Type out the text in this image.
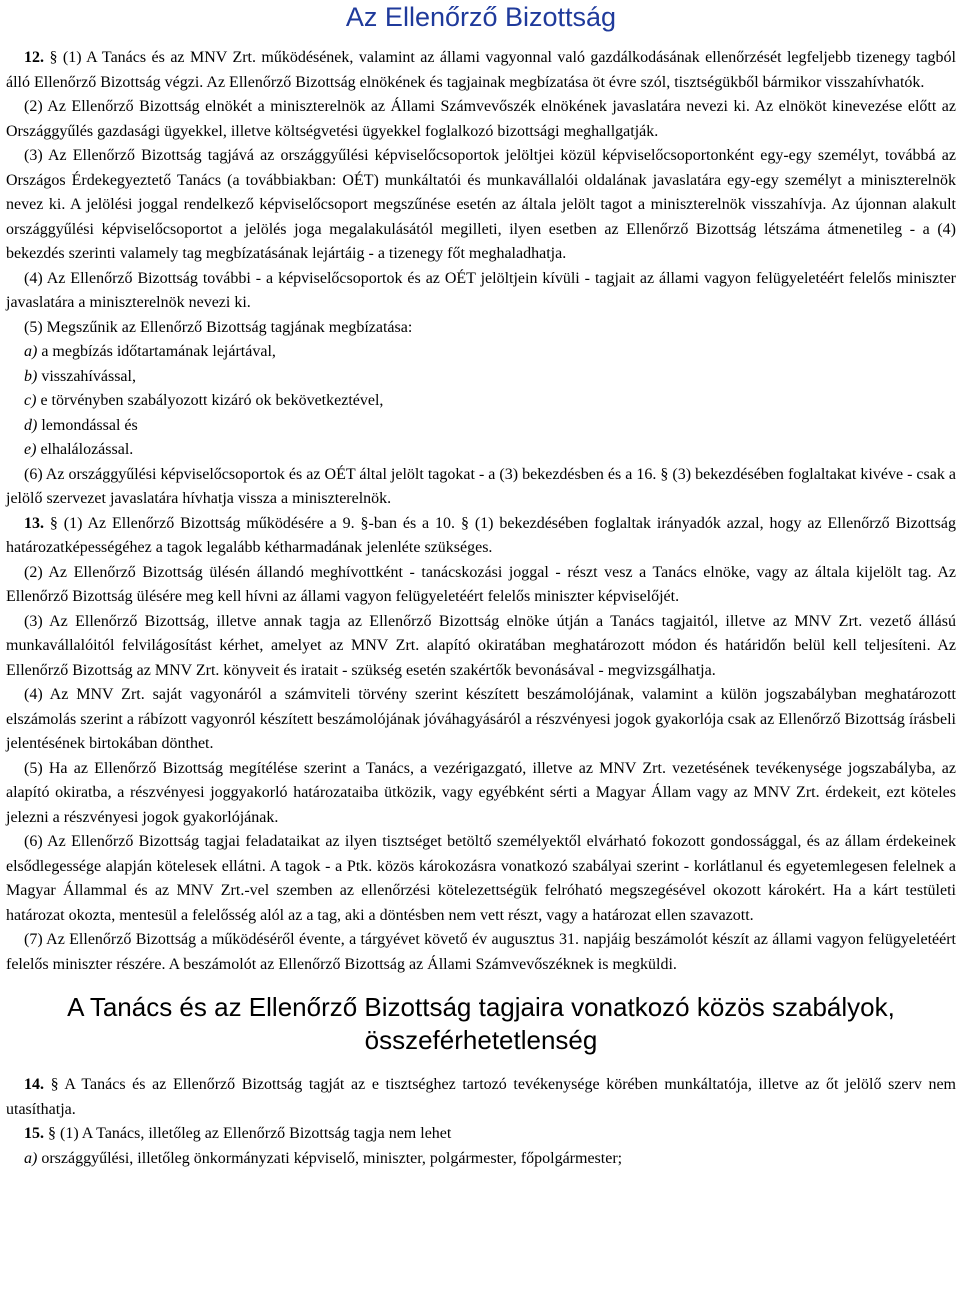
Az Ellenőrző Bizottság

12. § (1) A Tanács és az MNV Zrt. működésének, valamint az állami vagyonnal való gazdálkodásának ellenőrzését legfeljebb tizenegy tagból álló Ellenőrző Bizottság végzi. Az Ellenőrző Bizottság elnökének és tagjainak megbízatása öt évre szól, tisztségükből bármikor visszahívhatók.

(2) Az Ellenőrző Bizottság elnökét a miniszterelnök az Állami Számvevőszék elnökének javaslatára nevezi ki. Az elnököt kinevezése előtt az Országgyűlés gazdasági ügyekkel, illetve költségvetési ügyekkel foglalkozó bizottsági meghallgatják.

(3) Az Ellenőrző Bizottság tagjává az országgyűlési képviselőcsoportok jelöltjei közül képviselőcsoportonként egy-egy személyt, továbbá az Országos Érdekegyeztető Tanács (a továbbiakban: OÉT) munkáltatói és munkavállalói oldalának javaslatára egy-egy személyt a miniszterelnök nevez ki. A jelölési joggal rendelkező képviselőcsoport megszűnése esetén az általa jelölt tagot a miniszterelnök visszahívja. Az újonnan alakult országgyűlési képviselőcsoportot a jelölés joga megalakulásától megilleti, ilyen esetben az Ellenőrző Bizottság létszáma átmenetileg - a (4) bekezdés szerinti valamely tag megbízatásának lejártáig - a tizenegy főt meghaladhatja.

(4) Az Ellenőrző Bizottság további - a képviselőcsoportok és az OÉT jelöltjein kívüli - tagjait az állami vagyon felügyeletéért felelős miniszter javaslatára a miniszterelnök nevezi ki.

(5) Megszűnik az Ellenőrző Bizottság tagjának megbízatása:

a) a megbízás időtartamának lejártával,

b) visszahívással,

c) e törvényben szabályozott kizáró ok bekövetkeztével,

d) lemondással és

e) elhalálozással.

(6) Az országgyűlési képviselőcsoportok és az OÉT által jelölt tagokat - a (3) bekezdésben és a 16. § (3) bekezdésében foglaltakat kivéve - csak a jelölő szervezet javaslatára hívhatja vissza a miniszterelnök.

13. § (1) Az Ellenőrző Bizottság működésére a 9. §-ban és a 10. § (1) bekezdésében foglaltak irányadók azzal, hogy az Ellenőrző Bizottság határozatképességéhez a tagok legalább kétharmadának jelenléte szükséges.

(2) Az Ellenőrző Bizottság ülésén állandó meghívottként - tanácskozási joggal - részt vesz a Tanács elnöke, vagy az általa kijelölt tag. Az Ellenőrző Bizottság ülésére meg kell hívni az állami vagyon felügyeletéért felelős miniszter képviselőjét.

(3) Az Ellenőrző Bizottság, illetve annak tagja az Ellenőrző Bizottság elnöke útján a Tanács tagjaitól, illetve az MNV Zrt. vezető állású munkavállalóitól felvilágosítást kérhet, amelyet az MNV Zrt. alapító okiratában meghatározott módon és határidőn belül kell teljesíteni. Az Ellenőrző Bizottság az MNV Zrt. könyveit és iratait - szükség esetén szakértők bevonásával - megvizsgálhatja.

(4) Az MNV Zrt. saját vagyonáról a számviteli törvény szerint készített beszámolójának, valamint a külön jogszabályban meghatározott elszámolás szerint a rábízott vagyonról készített beszámolójának jóváhagyásáról a részvényesi jogok gyakorlója csak az Ellenőrző Bizottság írásbeli jelentésének birtokában dönthet.

(5) Ha az Ellenőrző Bizottság megítélése szerint a Tanács, a vezérigazgató, illetve az MNV Zrt. vezetésének tevékenysége jogszabályba, az alapító okiratba, a részvényesi joggyakorló határozataiba ütközik, vagy egyébként sérti a Magyar Állam vagy az MNV Zrt. érdekeit, ezt köteles jelezni a részvényesi jogok gyakorlójának.

(6) Az Ellenőrző Bizottság tagjai feladataikat az ilyen tisztséget betöltő személyektől elvárható fokozott gondossággal, és az állam érdekeinek elsődlegessége alapján kötelesek ellátni. A tagok - a Ptk. közös károkozásra vonatkozó szabályai szerint - korlátlanul és egyetemlegesen felelnek a Magyar Állammal és az MNV Zrt.-vel szemben az ellenőrzési kötelezettségük felróható megszegésével okozott károkért. Ha a kárt testületi határozat okozta, mentesül a felelősség alól az a tag, aki a döntésben nem vett részt, vagy a határozat ellen szavazott.

(7) Az Ellenőrző Bizottság a működéséről évente, a tárgyévet követő év augusztus 31. napjáig beszámolót készít az állami vagyon felügyeletéért felelős miniszter részére. A beszámolót az Ellenőrző Bizottság az Állami Számvevőszéknek is megküldi.

A Tanács és az Ellenőrző Bizottság tagjaira vonatkozó közös szabályok, összeférhetetlenség

14. § A Tanács és az Ellenőrző Bizottság tagját az e tisztséghez tartozó tevékenysége körében munkáltatója, illetve az őt jelölő szerv nem utasíthatja.

15. § (1) A Tanács, illetőleg az Ellenőrző Bizottság tagja nem lehet

a) országgyűlési, illetőleg önkormányzati képviselő, miniszter, polgármester, főpolgármester;
